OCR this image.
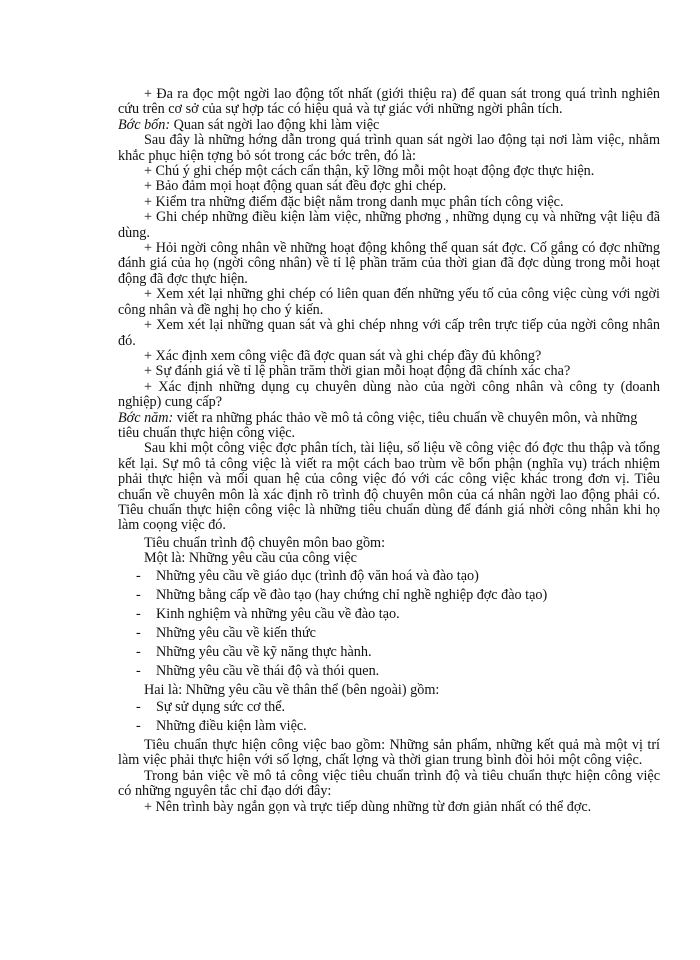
+ Đa ra đọc một ngời lao động tốt nhất (giới thiệu ra) để quan sát trong quá trình nghiên cứu trên cơ sở của sự hợp tác có hiệu quả và tự giác với những ngời phân tích.

Bớc bốn: Quan sát ngời lao động khi làm việc

Sau đây là những hớng dẫn trong quá trình quan sát ngời lao động tại nơi làm việc, nhằm khắc phục hiện tợng bỏ sót trong các bớc trên, đó là:

+ Chú ý ghi chép một cách cẩn thận, kỹ lỡng mỗi một hoạt động đợc thực hiện.

+ Bảo đảm mọi hoạt động quan sát đều đợc ghi chép.

+ Kiểm tra những điểm đặc biệt nằm trong danh mục phân tích công việc.

+ Ghi chép những điều kiện làm việc, những phơng , những dụng cụ và những vật liệu đã dùng.

+ Hỏi ngời công nhân về những hoạt động không thể quan sát đợc. Cố gắng có đợc những đánh giá của họ (ngời công nhân) về tỉ lệ phần trăm của thời gian đã đợc dùng trong mỗi hoạt động đã đợc thực hiện.

+ Xem xét lại những ghi chép có liên quan đến những yếu tố của công việc cùng với ngời công nhân và đề nghị họ cho ý kiến.

+ Xem xét lại những quan sát và ghi chép nhng với cấp trên trực tiếp của ngời công nhân đó.

+ Xác định xem công việc đã đợc quan sát và ghi chép đầy đủ không?

+ Sự đánh giá về tỉ lệ phần trăm thời gian mỗi hoạt động đã chính xác cha?

+ Xác định những dụng cụ chuyên dùng nào của ngời công nhân và công ty (doanh nghiệp) cung cấp?

Bớc năm: viết ra những phác thảo về mô tả công việc, tiêu chuẩn về chuyên môn, và những tiêu chuẩn thực hiện công việc.

Sau khi một công việc đợc phân tích, tài liệu, số liệu về công việc đó đợc thu thập và tổng kết lại. Sự mô tả công việc là viết ra một cách bao trùm về bổn phận (nghĩa vụ) trách nhiệm phải thực hiện và mối quan hệ của công việc đó với các công việc khác trong đơn vị. Tiêu chuẩn về chuyên môn là xác định rõ trình độ chuyên môn của cá nhân ngời lao động phải có. Tiêu chuẩn thực hiện công việc là những tiêu chuẩn dùng để đánh giá nhời công nhân khi họ làm coọng việc đó.

Tiêu chuẩn trình độ chuyên môn bao gồm:

Một là: Những yêu cầu của công việc

- Những yêu cầu về giáo dục (trình độ văn hoá và đào tạo)
- Những bằng cấp về đào tạo (hay chứng chỉ nghề nghiệp đợc đào tạo)
- Kinh nghiệm và những yêu cầu về đào tạo.
- Những yêu cầu về kiến thức
- Những yêu cầu về kỹ năng thực hành.
- Những yêu cầu về thái độ và thói quen.

Hai là: Những yêu cầu về thân thể (bên ngoài) gồm:

- Sự sử dụng sức cơ thể.
- Những điều kiện làm việc.

Tiêu chuẩn thực hiện công việc bao gồm: Những sản phẩm, những kết quả mà một vị trí làm việc phải thực hiện với số lợng, chất lợng và thời gian trung bình đòi hỏi một công việc.

Trong bản việc về mô tả công việc tiêu chuẩn trình độ và tiêu chuẩn thực hiện công việc có những nguyên tắc chỉ đạo dới đây:

+ Nên trình bày ngắn gọn và trực tiếp dùng những từ đơn giản nhất có thể đợc.
